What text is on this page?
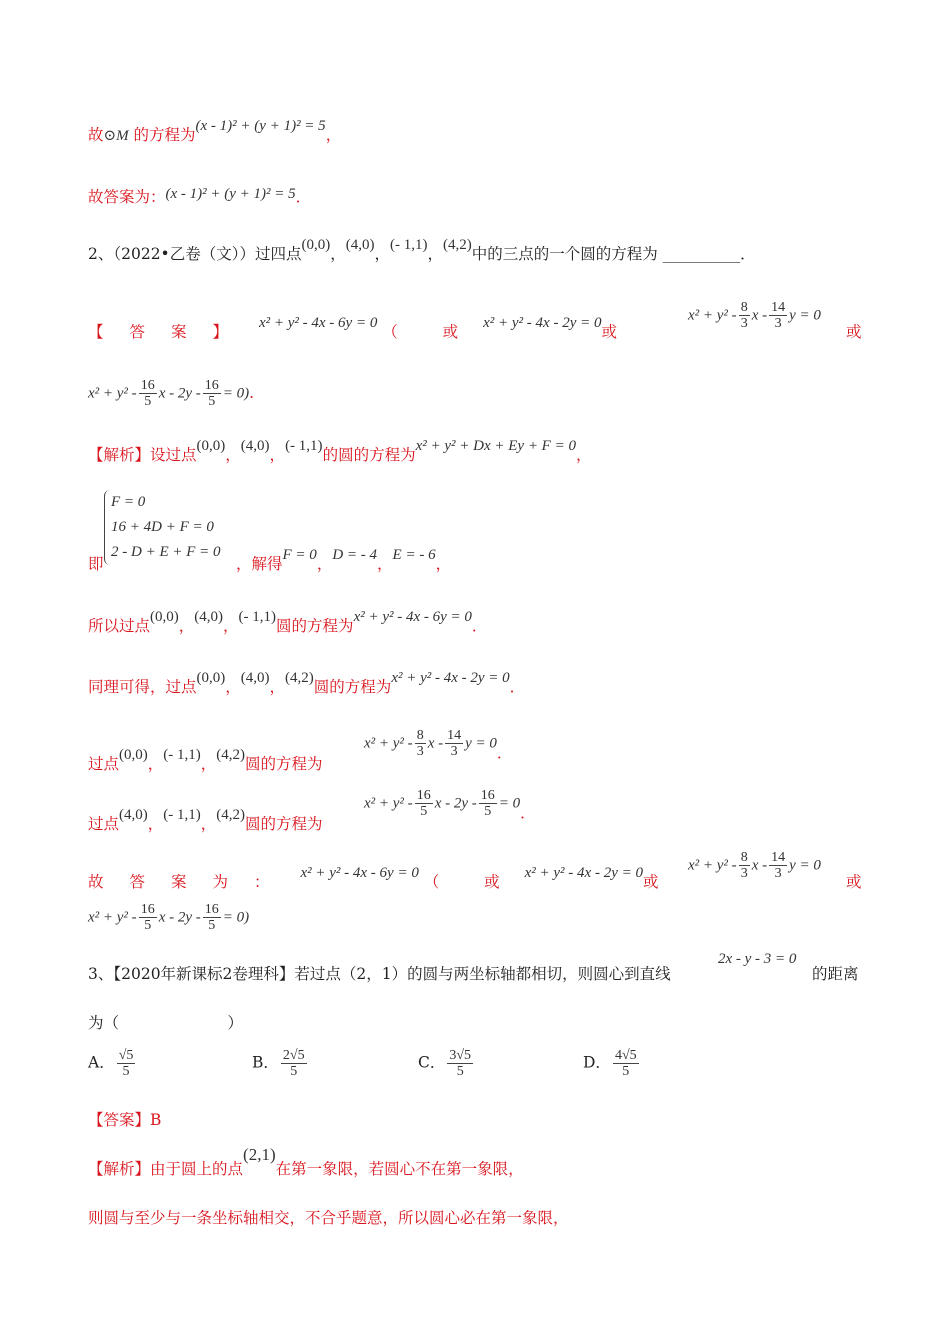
故⊙M 的方程为(x - 1)² + (y + 1)² = 5，
故答案为：(x - 1)² + (y + 1)² = 5．
2、（2022•乙卷（文））过四点(0,0)，(4,0)，(- 1,1)，(4,2)中的三点的一个圆的方程为 __________．
【答案】 x² + y² - 4x - 6y = 0 （ 或 x² + y² - 4x - 2y = 0或
$x^2 + y^2 - \frac{8}{3}$ x - $\frac{14}{3}$ y = 0
或
$x^2 + y^2 - \frac{16}{5}$ $x - 2y - \frac{16}{5} = 0$)．
【解析】设过点(0,0)，(4,0)，(- 1,1)的圆的方程为x² + y² + Dx + Ey + F = 0，
F = 0
16 + 4D + F = 0
2 - D + E + F = 0
即	，解得F = 0，D = - 4，E = - 6，
所以过点(0,0)，(4,0)，(- 1,1)圆的方程为x² + y² - 4x - 6y = 0．
同理可得，过点(0,0)，(4,0)，(4,2)圆的方程为x² + y² - 4x - 2y = 0．
过点(0,0)，(- 1,1)，(4,2)圆的方程为
$x^2 + y^2 - \frac{8}{3}$ x - $\frac{14}{3}$ y = 0．
过点(4,0)，(- 1,1)，(4,2)圆的方程为
$x^2 + y^2 - \frac{16}{5}$ $x - 2y - \frac{16}{5} = 0$．
故答案为： x² + y² - 4x - 6y = 0 （ 或 x² + y² - 4x - 2y = 0或
$x^2 + y^2 - \frac{8}{3}$ x - $\frac{14}{3}$ y = 0
或
$x^2 + y^2 - \frac{16}{5}$ $x - 2y - \frac{16}{5} = 0$)
3、【2020年新课标2卷理科】若过点（2，1）的圆与两坐标轴都相切，则圆心到直线
2x - y - 3 = 0
的距离
为（　　　　　　　）
A． $\frac{√5}{5}$	B． $\frac{2√5}{5}$	C． $\frac{3√5}{5}$	D． $\frac{4√5}{5}$
【答案】B
【解析】由于圆上的点(2,1)在第一象限，若圆心不在第一象限，
则圆与至少与一条坐标轴相交，不合乎题意，所以圆心必在第一象限，
